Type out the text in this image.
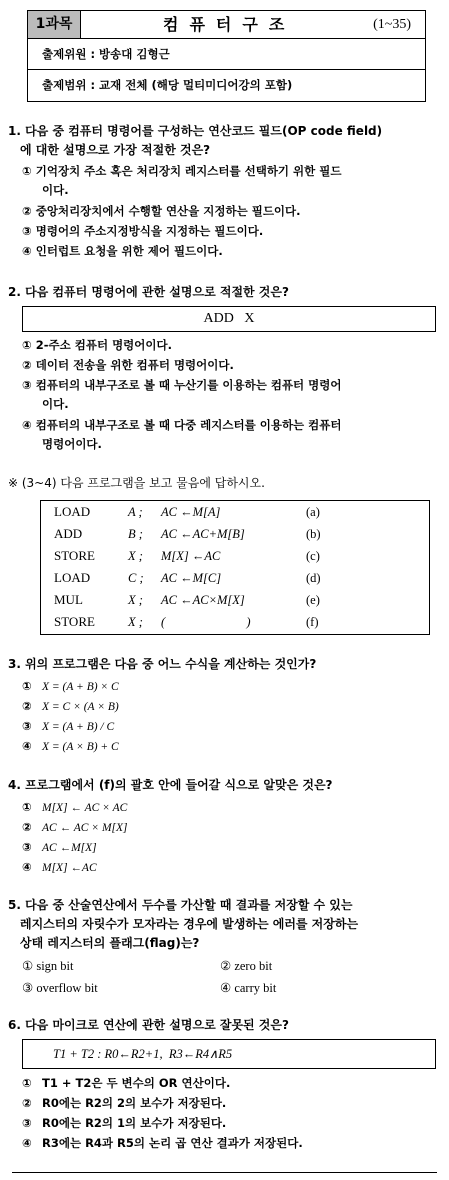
1과목	컴퓨터구조	(1~35)
출제위원 : 방송대 김형근
출제범위 : 교재 전체 (해당 멀티미디어강의 포함)
1. 다음 중 컴퓨터 명령어를 구성하는 연산코드 필드(OP code field)
에 대한 설명으로 가장 적절한 것은?
① 기억장치 주소 혹은 처리장치 레지스터를 선택하기 위한 필드
이다.
② 중앙처리장치에서 수행할 연산을 지정하는 필드이다.
③ 명령어의 주소지정방식을 지정하는 필드이다.
④ 인터럽트 요청을 위한 제어 필드이다.
2. 다음 컴퓨터 명령어에 관한 설명으로 적절한 것은?
ADD   X
① 2-주소 컴퓨터 명령어이다.
② 데이터 전송을 위한 컴퓨터 명령어이다.
③ 컴퓨터의 내부구조로 볼 때 누산기를 이용하는 컴퓨터 명령어
이다.
④ 컴퓨터의 내부구조로 볼 때 다중 레지스터를 이용하는 컴퓨터
명령어이다.
※ (3~4) 다음 프로그램을 보고 물음에 답하시오.
LOAD	A ; AC ←M[A]	(a)
ADD	B ; AC ←AC+M[B]	(b)
STORE	X ; M[X] ←AC	(c)
LOAD	C ; AC ←M[C]	(d)
MUL	X ; AC ←AC×M[X]	(e)
STORE	X ; (                          )	(f)
3. 위의 프로그램은 다음 중 어느 수식을 계산하는 것인가?
① X = (A + B) × C
② X = C × (A × B)
③ X = (A + B) / C
④ X = (A × B) + C
4. 프로그램에서 (f)의 괄호 안에 들어갈 식으로 알맞은 것은?
① M[X] ← AC × AC
② AC ← AC × M[X]
③ AC ←M[X]
④ M[X] ←AC
5. 다음 중 산술연산에서 두수를 가산할 때 결과를 저장할 수 있는
레지스터의 자릿수가 모자라는 경우에 발생하는 에러를 저장하는
상태 레지스터의 플래그(flag)는?
① sign bit	② zero bit
③ overflow bit	④ carry bit
6. 다음 마이크로 연산에 관한 설명으로 잘못된 것은?
T1 + T2 : R0←R2+1,  R3←R4∧R5
① T1 + T2은 두 변수의 OR 연산이다.
② R0에는 R2의 2의 보수가 저장된다.
③ R0에는 R2의 1의 보수가 저장된다.
④ R3에는 R4과 R5의 논리 곱 연산 결과가 저장된다.
